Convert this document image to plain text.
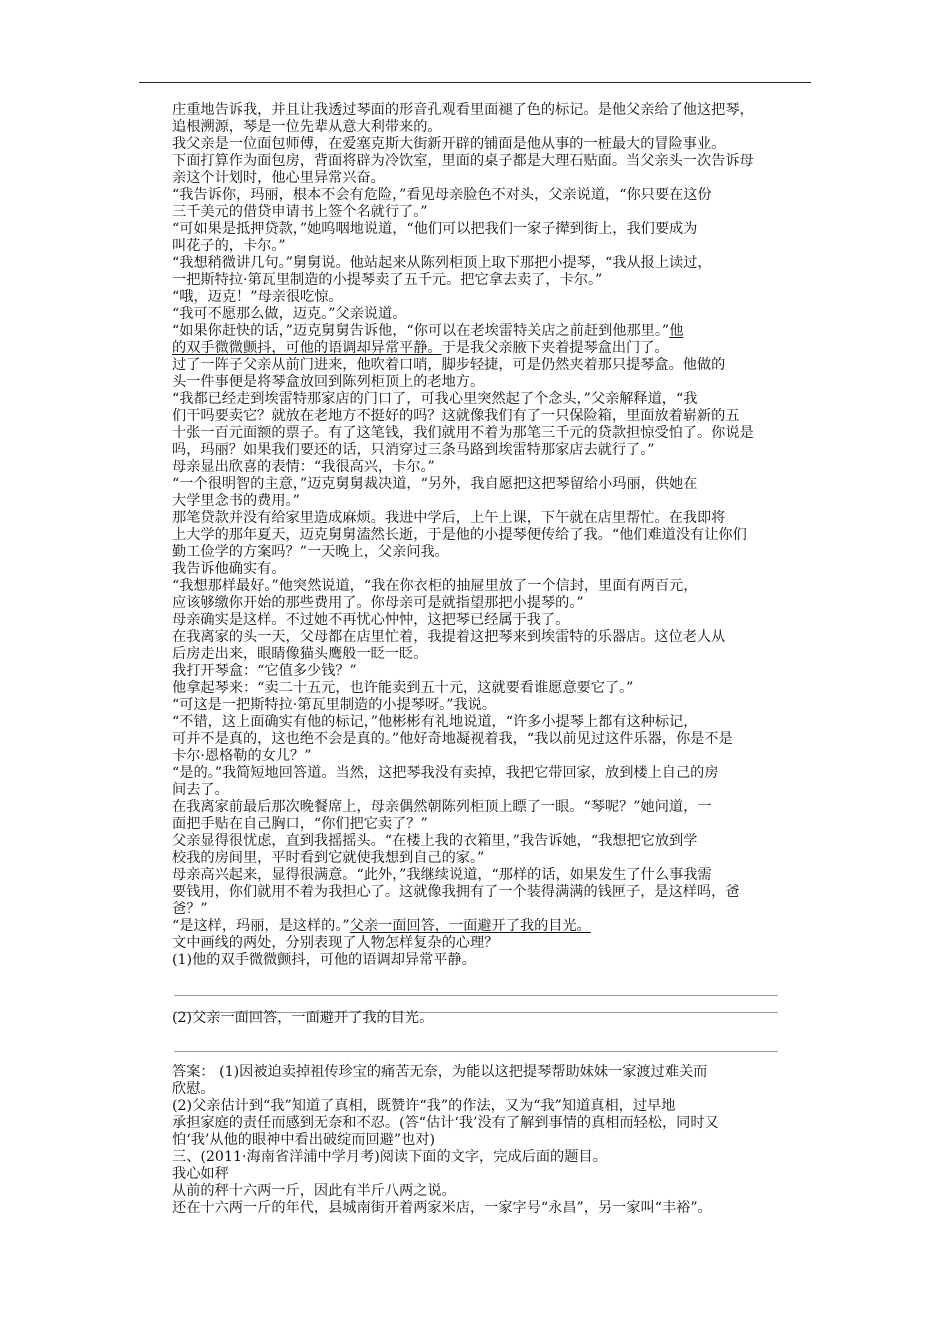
庄重地告诉我，并且让我透过琴面的形音孔观看里面褪了色的标记。是他父亲给了他这把琴，
追根溯源，琴是一位先辈从意大利带来的。
我父亲是一位面包师傅，在爱塞克斯大街新开辟的铺面是他从事的一桩最大的冒险事业。
下面打算作为面包房，背面将辟为冷饮室，里面的桌子都是大理石贴面。当父亲头一次告诉母
亲这个计划时，他心里异常兴奋。
“我告诉你，玛丽，根本不会有危险，”看见母亲脸色不对头，父亲说道，“你只要在这份
三千美元的借贷申请书上签个名就行了。”
“可如果是抵押贷款，”她呜咽地说道，“他们可以把我们一家子撵到街上，我们要成为
叫花子的，卡尔。”
“我想稍微讲几句。”舅舅说。他站起来从陈列柜顶上取下那把小提琴，“我从报上读过，
一把斯特拉·第瓦里制造的小提琴卖了五千元。把它拿去卖了，卡尔。”
“哦，迈克！”母亲很吃惊。
“我可不愿那么做，迈克。”父亲说道。
“如果你赶快的话，”迈克舅舅告诉他，“你可以在老埃雷特关店之前赶到他那里。”他
的双手微微颤抖，可他的语调却异常平静。于是我父亲腋下夹着提琴盒出门了。
过了一阵子父亲从前门进来，他吹着口哨，脚步轻捷，可是仍然夹着那只提琴盒。他做的
头一件事便是将琴盒放回到陈列柜顶上的老地方。
“我都已经走到埃雷特那家店的门口了，可我心里突然起了个念头，”父亲解释道，“我
们干吗要卖它？就放在老地方不挺好的吗？这就像我们有了一只保险箱，里面放着崭新的五
十张一百元面额的票子。有了这笔钱，我们就用不着为那笔三千元的贷款担惊受怕了。你说是
吗，玛丽？如果我们要还的话，只消穿过三条马路到埃雷特那家店去就行了。”
母亲显出欣喜的表情：“我很高兴，卡尔。”
“一个很明智的主意，”迈克舅舅裁决道，“另外，我自愿把这把琴留给小玛丽，供她在
大学里念书的费用。”
那笔贷款并没有给家里造成麻烦。我进中学后，上午上课，下午就在店里帮忙。在我即将
上大学的那年夏天，迈克舅舅溘然长逝，于是他的小提琴便传给了我。“他们难道没有让你们
勤工俭学的方案吗？”一天晚上，父亲问我。
我告诉他确实有。
“我想那样最好。”他突然说道，“我在你衣柜的抽屉里放了一个信封，里面有两百元，
应该够缴你开始的那些费用了。你母亲可是就指望那把小提琴的。”
母亲确实是这样。不过她不再忧心忡忡，这把琴已经属于我了。
在我离家的头一天，父母都在店里忙着，我提着这把琴来到埃雷特的乐器店。这位老人从
后房走出来，眼睛像猫头鹰般一眨一眨。
我打开琴盒：“它值多少钱？”
他拿起琴来：“卖二十五元，也许能卖到五十元，这就要看谁愿意要它了。”
“可这是一把斯特拉·第瓦里制造的小提琴呀。”我说。
“不错，这上面确实有他的标记，”他彬彬有礼地说道，“许多小提琴上都有这种标记，
可并不是真的，这也绝不会是真的。”他好奇地凝视着我，“我以前见过这件乐器，你是不是
卡尔·恩格勒的女儿？”
“是的。”我简短地回答道。当然，这把琴我没有卖掉，我把它带回家，放到楼上自己的房
间去了。
在我离家前最后那次晚餐席上，母亲偶然朝陈列柜顶上瞟了一眼。“琴呢？”她问道，一
面把手贴在自己胸口，“你们把它卖了？”
父亲显得很忧虑，直到我摇摇头。“在楼上我的衣箱里，”我告诉她，“我想把它放到学
校我的房间里，平时看到它就使我想到自己的家。”
母亲高兴起来，显得很满意。“此外，”我继续说道，“那样的话，如果发生了什么事我需
要钱用，你们就用不着为我担心了。这就像我拥有了一个装得满满的钱匣子，是这样吗，爸
爸？”
“是这样，玛丽，是这样的。”父亲一面回答，一面避开了我的目光。
文中画线的两处，分别表现了人物怎样复杂的心理？
(1)他的双手微微颤抖，可他的语调却异常平静。
(2)父亲一面回答，一面避开了我的目光。
答案： (1)因被迫卖掉祖传珍宝的痛苦无奈，为能以这把提琴帮助妹妹一家渡过难关而
欣慰。
(2)父亲估计到“我”知道了真相，既赞许“我”的作法，又为“我”知道真相，过早地
承担家庭的责任而感到无奈和不忍。(答“估计‘我’没有了解到事情的真相而轻松，同时又
怕‘我’从他的眼神中看出破绽而回避”也对)
三、(2011·海南省洋浦中学月考)阅读下面的文字，完成后面的题目。
我心如秤
从前的秤十六两一斤，因此有半斤八两之说。
还在十六两一斤的年代，县城南街开着两家米店，一家字号“永昌”，另一家叫“丰裕”。
